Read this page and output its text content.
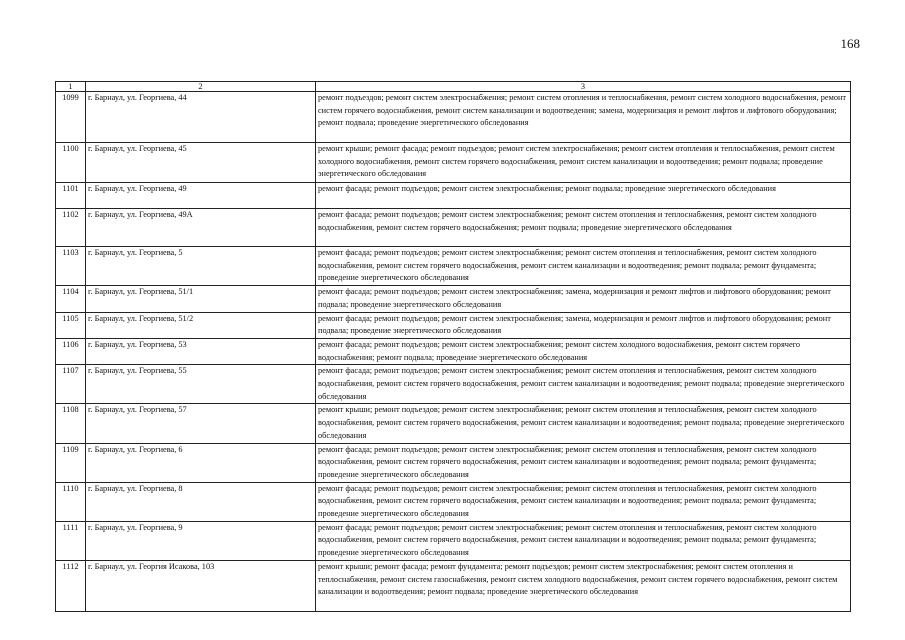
168
1	2	3
1099	г. Барнаул, ул. Георгиева, 44	ремонт подъездов; ремонт систем электроснабжения; ремонт систем отопления и теплоснабжения, ремонт систем холодного водоснабжения, ремонт систем горячего водоснабжения, ремонт систем канализации и водоотведения; замена, модернизация и ремонт лифтов и лифтового оборудования; ремонт подвала; проведение энергетического обследования
1100	г. Барнаул, ул. Георгиева, 45	ремонт крыши; ремонт фасада; ремонт подъездов; ремонт систем электроснабжения; ремонт систем отопления и теплоснабжения, ремонт систем холодного водоснабжения, ремонт систем горячего водоснабжения, ремонт систем канализации и водоотведения; ремонт подвала; проведение энергетического обследования
1101	г. Барнаул, ул. Георгиева, 49	ремонт фасада; ремонт подъездов; ремонт систем электроснабжения; ремонт подвала; проведение энергетического обследования
1102	г. Барнаул, ул. Георгиева, 49А	ремонт фасада; ремонт подъездов; ремонт систем электроснабжения; ремонт систем отопления и теплоснабжения, ремонт систем холодного водоснабжения, ремонт систем горячего водоснабжения; ремонт подвала; проведение энергетического обследования
1103	г. Барнаул, ул. Георгиева, 5	ремонт фасада; ремонт подъездов; ремонт систем электроснабжения; ремонт систем отопления и теплоснабжения, ремонт систем холодного водоснабжения, ремонт систем горячего водоснабжения, ремонт систем канализации и водоотведения; ремонт подвала; ремонт фундамента; проведение энергетического обследования
1104	г. Барнаул, ул. Георгиева, 51/1	ремонт фасада; ремонт подъездов; ремонт систем электроснабжения; замена, модернизация и ремонт лифтов и лифтового оборудования; ремонт подвала; проведение энергетического обследования
1105	г. Барнаул, ул. Георгиева, 51/2	ремонт фасада; ремонт подъездов; ремонт систем электроснабжения; замена, модернизация и ремонт лифтов и лифтового оборудования; ремонт подвала; проведение энергетического обследования
1106	г. Барнаул, ул. Георгиева, 53	ремонт фасада; ремонт подъездов; ремонт систем электроснабжения; ремонт систем холодного водоснабжения, ремонт систем горячего водоснабжения; ремонт подвала; проведение энергетического обследования
1107	г. Барнаул, ул. Георгиева, 55	ремонт фасада; ремонт подъездов; ремонт систем электроснабжения; ремонт систем отопления и теплоснабжения, ремонт систем холодного водоснабжения, ремонт систем горячего водоснабжения, ремонт систем канализации и водоотведения; ремонт подвала; проведение энергетического обследования
1108	г. Барнаул, ул. Георгиева, 57	ремонт крыши; ремонт подъездов; ремонт систем электроснабжения; ремонт систем отопления и теплоснабжения, ремонт систем холодного водоснабжения, ремонт систем горячего водоснабжения, ремонт систем канализации и водоотведения; ремонт подвала; проведение энергетического обследования
1109	г. Барнаул, ул. Георгиева, 6	ремонт фасада; ремонт подъездов; ремонт систем электроснабжения; ремонт систем отопления и теплоснабжения, ремонт систем холодного водоснабжения, ремонт систем горячего водоснабжения, ремонт систем канализации и водоотведения; ремонт подвала; ремонт фундамента; проведение энергетического обследования
1110	г. Барнаул, ул. Георгиева, 8	ремонт фасада; ремонт подъездов; ремонт систем электроснабжения; ремонт систем отопления и теплоснабжения, ремонт систем холодного водоснабжения, ремонт систем горячего водоснабжения, ремонт систем канализации и водоотведения; ремонт подвала; ремонт фундамента; проведение энергетического обследования
1111	г. Барнаул, ул. Георгиева, 9	ремонт фасада; ремонт подъездов; ремонт систем электроснабжения; ремонт систем отопления и теплоснабжения, ремонт систем холодного водоснабжения, ремонт систем горячего водоснабжения, ремонт систем канализации и водоотведения; ремонт подвала; ремонт фундамента; проведение энергетического обследования
1112	г. Барнаул, ул. Георгия Исакова, 103	ремонт крыши; ремонт фасада; ремонт фундамента; ремонт подъездов; ремонт систем электроснабжения; ремонт систем отопления и теплоснабжения, ремонт систем газоснабжения, ремонт систем холодного водоснабжения, ремонт систем горячего водоснабжения, ремонт систем канализации и водоотведения; ремонт подвала; проведение энергетического обследования
